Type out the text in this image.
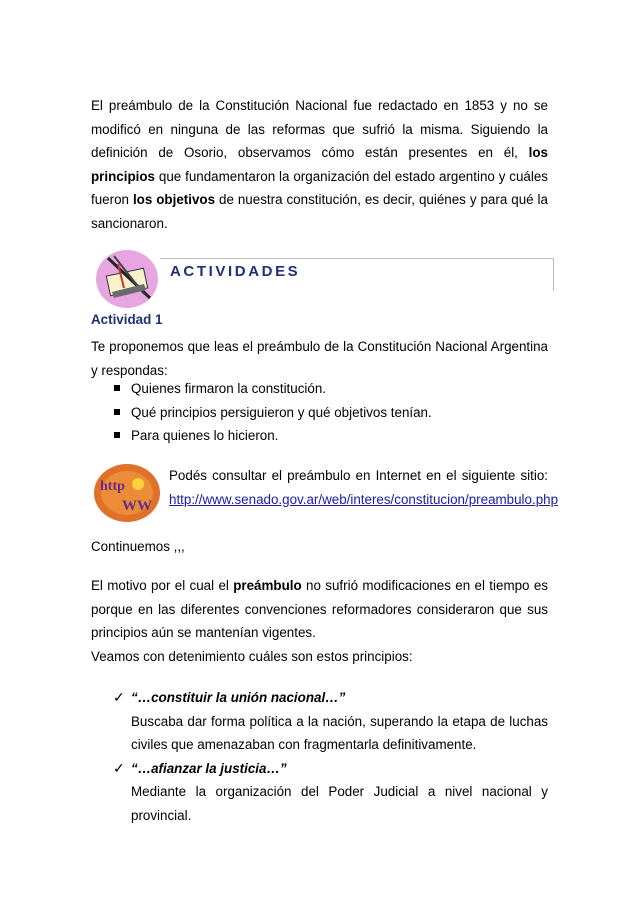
El preámbulo de la Constitución Nacional fue redactado en 1853 y no se modificó en ninguna de las reformas que sufrió la misma. Siguiendo la definición de Osorio, observamos cómo están presentes en él, los principios que fundamentaron la organización del estado argentino y cuáles fueron los objetivos de nuestra constitución, es decir, quiénes y para qué la sancionaron.
ACTIVIDADES
Actividad 1
Te proponemos que leas el preámbulo de la Constitución Nacional Argentina y respondas:
Quienes firmaron la constitución.
Qué principios persiguieron y qué objetivos tenían.
Para quienes lo hicieron.
http
WW
Podés consultar el preámbulo en Internet en el siguiente sitio:
http://www.senado.gov.ar/web/interes/constitucion/preambulo.php
Continuemos ,,,
El motivo por el cual el preámbulo no sufrió modificaciones en el tiempo es porque en las diferentes convenciones reformadores consideraron que sus principios aún se mantenían vigentes.
Veamos con detenimiento cuáles son estos principios:
✓ “…constituir la unión nacional…”
Buscaba dar forma política a la nación, superando la etapa de luchas civiles que amenazaban con fragmentarla definitivamente.
✓ “…afianzar la justicia…”
Mediante la organización del Poder Judicial a nivel nacional y provincial.
